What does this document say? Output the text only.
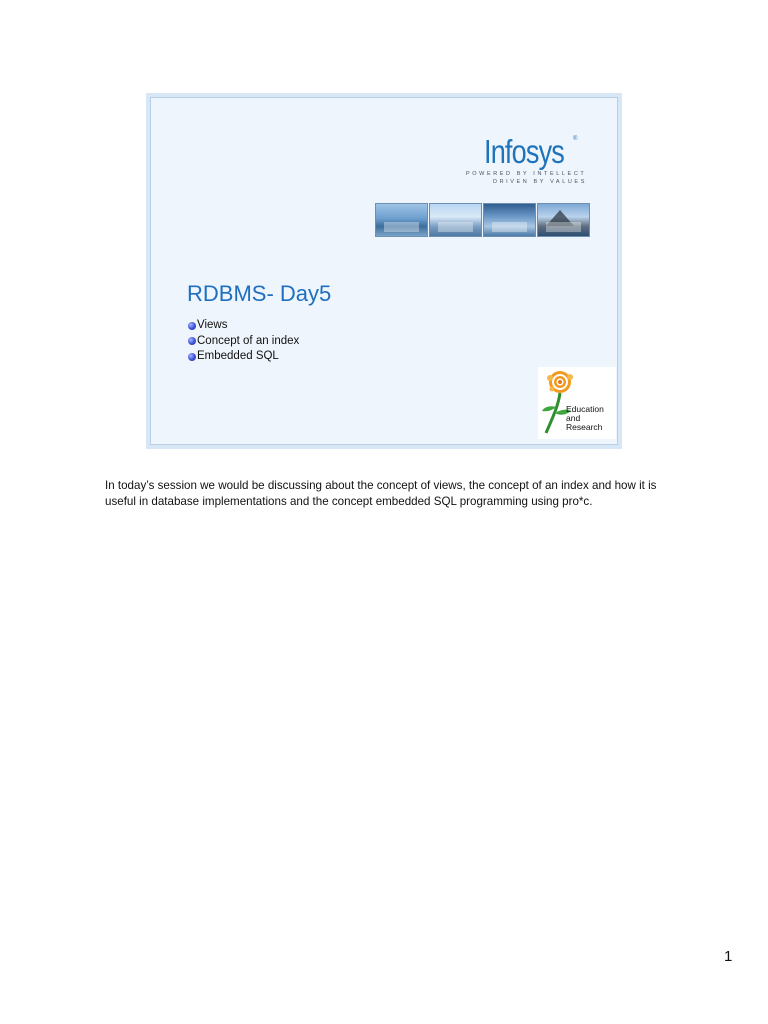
Infosys ®
POWERED BY INTELLECT
DRIVEN BY VALUES
RDBMS- Day5
Views
Concept of an index
Embedded SQL
Education
and
Research

In today’s session we would be discussing about the concept of views, the concept of an index and how it is useful in database implementations and the concept embedded SQL programming using pro*c.

1
